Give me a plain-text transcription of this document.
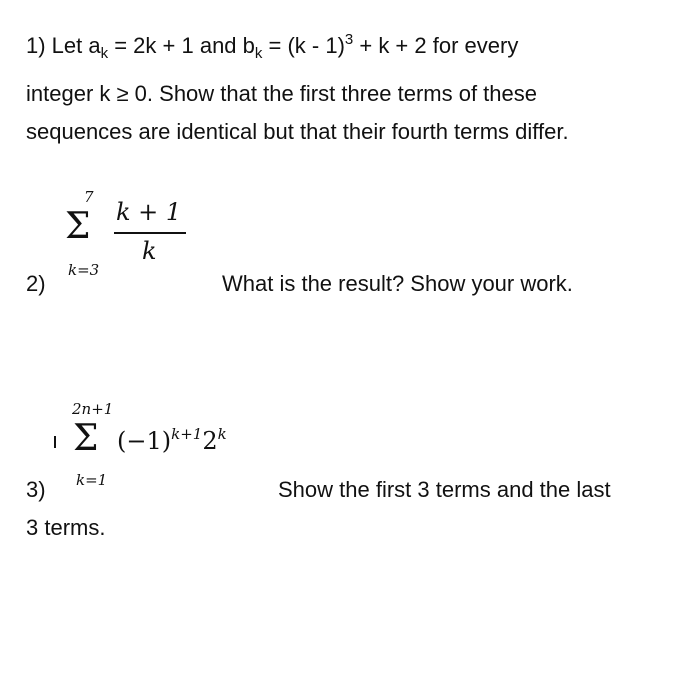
1) Let $a_k = 2k + 1$ and $b_k = (k - 1)^3 + k + 2$ for every
integer k ≥ 0. Show that the first three terms of these
sequences are identical but that their fourth terms differ.
7
Σ
k=3
k + 1
k
2)	What is the result? Show your work.
2n+1
Σ $(-1)^{k+1}2^k$
k=1
3)	Show the first 3 terms and the last
3 terms.
